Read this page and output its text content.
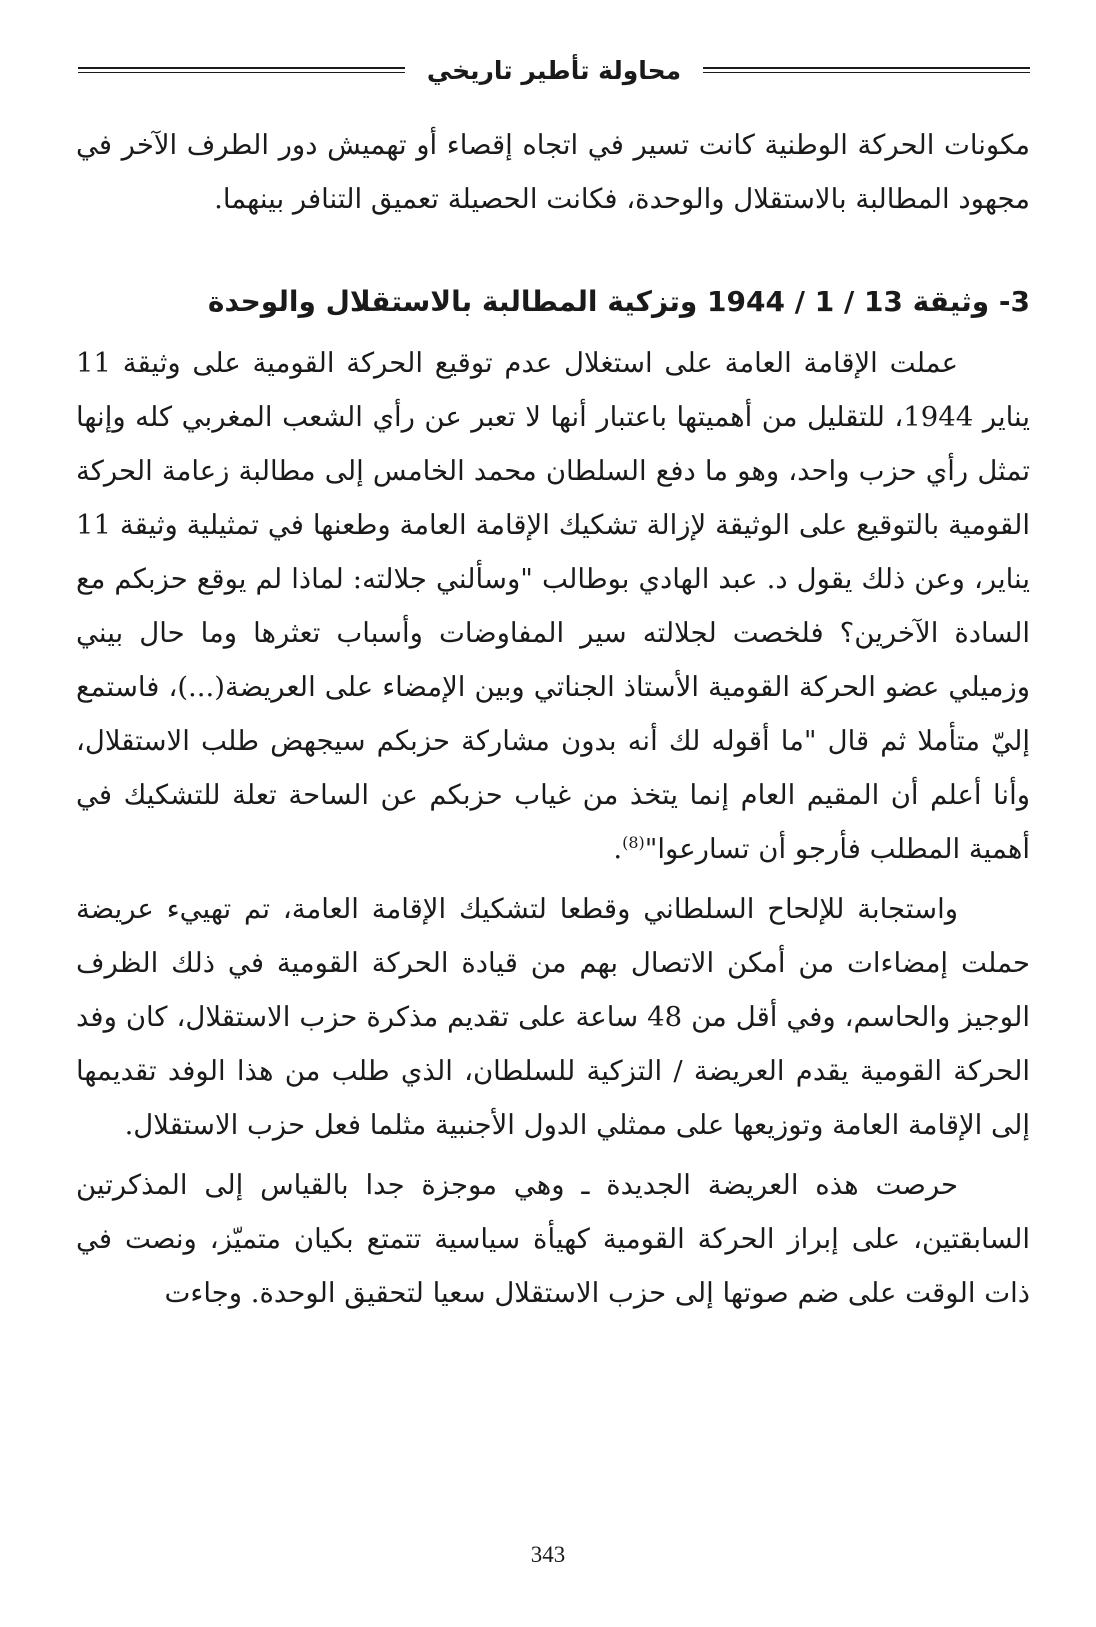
محاولة تأطير تاريخي

مكونات الحركة الوطنية كانت تسير في اتجاه إقصاء أو تهميش دور الطرف الآخر في مجهود المطالبة بالاستقلال والوحدة، فكانت الحصيلة تعميق التنافر بينهما.

3- وثيقة 13 / 1 / 1944 وتزكية المطالبة بالاستقلال والوحدة

عملت الإقامة العامة على استغلال عدم توقيع الحركة القومية على وثيقة 11 يناير 1944، للتقليل من أهميتها باعتبار أنها لا تعبر عن رأي الشعب المغربي كله وإنها تمثل رأي حزب واحد، وهو ما دفع السلطان محمد الخامس إلى مطالبة زعامة الحركة القومية بالتوقيع على الوثيقة لإزالة تشكيك الإقامة العامة وطعنها في تمثيلية وثيقة 11 يناير، وعن ذلك يقول د. عبد الهادي بوطالب "وسألني جلالته: لماذا لم يوقع حزبكم مع السادة الآخرين؟ فلخصت لجلالته سير المفاوضات وأسباب تعثرها وما حال بيني وزميلي عضو الحركة القومية الأستاذ الجناتي وبين الإمضاء على العريضة(...)، فاستمع إليّ متأملا ثم قال "ما أقوله لك أنه بدون مشاركة حزبكم سيجهض طلب الاستقلال، وأنا أعلم أن المقيم العام إنما يتخذ من غياب حزبكم عن الساحة تعلة للتشكيك في أهمية المطلب فأرجو أن تسارعوا"$^{(8)}$.

واستجابة للإلحاح السلطاني وقطعا لتشكيك الإقامة العامة، تم تهييء عريضة حملت إمضاءات من أمكن الاتصال بهم من قيادة الحركة القومية في ذلك الظرف الوجيز والحاسم، وفي أقل من 48 ساعة على تقديم مذكرة حزب الاستقلال، كان وفد الحركة القومية يقدم العريضة / التزكية للسلطان، الذي طلب من هذا الوفد تقديمها إلى الإقامة العامة وتوزيعها على ممثلي الدول الأجنبية مثلما فعل حزب الاستقلال.

حرصت هذه العريضة الجديدة ـ وهي موجزة جدا بالقياس إلى المذكرتين السابقتين، على إبراز الحركة القومية كهيأة سياسية تتمتع بكيان متميّز، ونصت في ذات الوقت على ضم صوتها إلى حزب الاستقلال سعيا لتحقيق الوحدة. وجاءت

343
